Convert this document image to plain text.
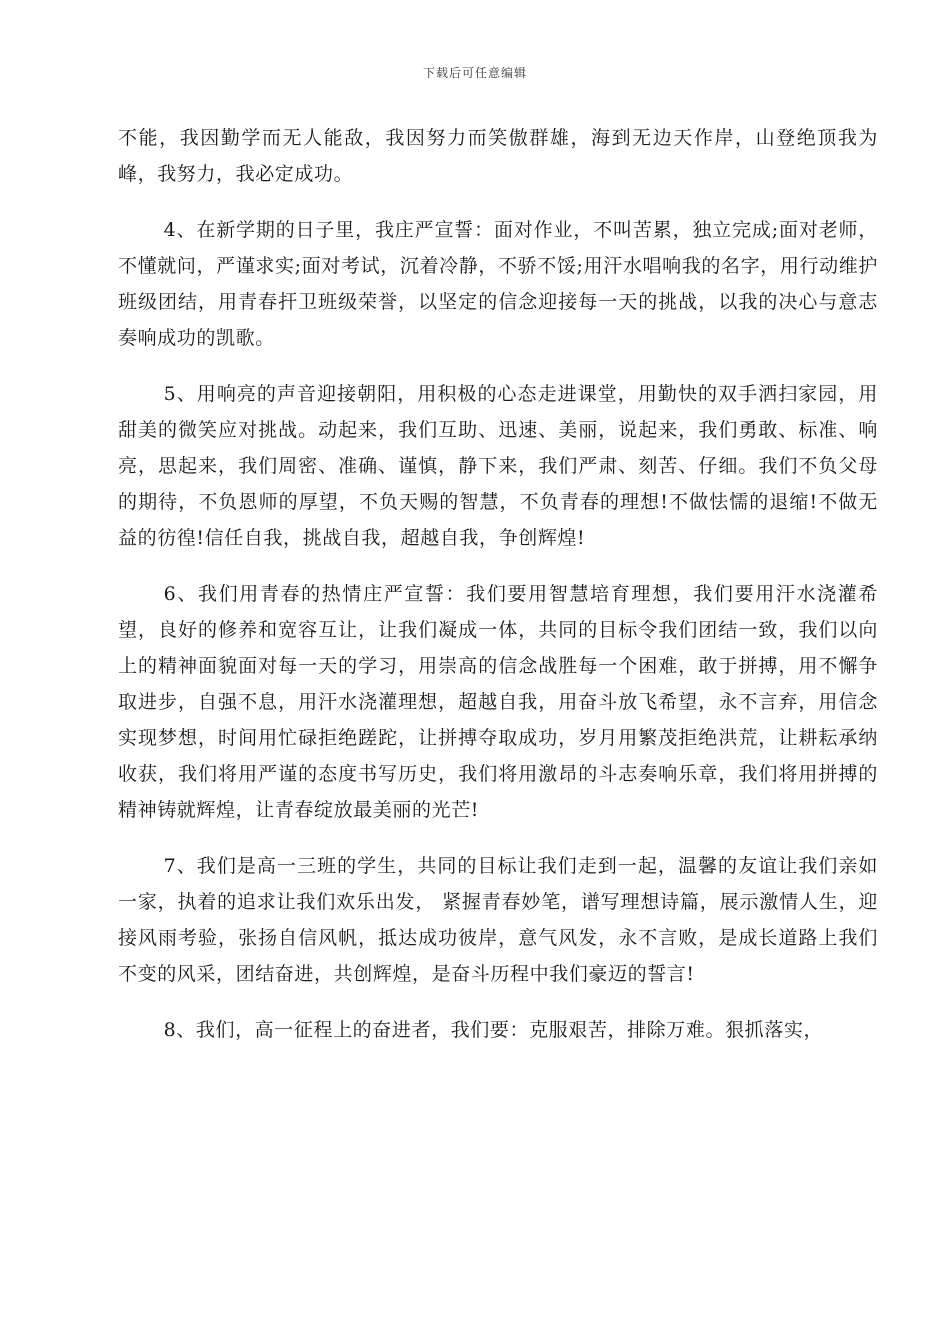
下载后可任意编辑

不能，我因勤学而无人能敌，我因努力而笑傲群雄，海到无边天作岸，山登绝顶我为峰，我努力，我必定成功。

4、在新学期的日子里，我庄严宣誓：面对作业，不叫苦累，独立完成;面对老师，不懂就问，严谨求实;面对考试，沉着冷静，不骄不馁;用汗水唱响我的名字，用行动维护班级团结，用青春扞卫班级荣誉，以坚定的信念迎接每一天的挑战，以我的决心与意志奏响成功的凯歌。

5、用响亮的声音迎接朝阳，用积极的心态走进课堂，用勤快的双手洒扫家园，用甜美的微笑应对挑战。动起来，我们互助、迅速、美丽，说起来，我们勇敢、标准、响亮，思起来，我们周密、准确、谨慎，静下来，我们严肃、刻苦、仔细。我们不负父母的期待，不负恩师的厚望，不负天赐的智慧，不负青春的理想!不做怯懦的退缩!不做无益的彷徨!信任自我，挑战自我，超越自我，争创辉煌!

6、我们用青春的热情庄严宣誓：我们要用智慧培育理想，我们要用汗水浇灌希望，良好的修养和宽容互让，让我们凝成一体，共同的目标令我们团结一致，我们以向上的精神面貌面对每一天的学习，用崇高的信念战胜每一个困难，敢于拼搏，用不懈争取进步，自强不息，用汗水浇灌理想，超越自我，用奋斗放飞希望，永不言弃，用信念实现梦想，时间用忙碌拒绝蹉跎，让拼搏夺取成功，岁月用繁茂拒绝洪荒，让耕耘承纳收获，我们将用严谨的态度书写历史，我们将用激昂的斗志奏响乐章，我们将用拼搏的精神铸就辉煌，让青春绽放最美丽的光芒!

7、我们是高一三班的学生，共同的目标让我们走到一起，温馨的友谊让我们亲如一家，执着的追求让我们欢乐出发， 紧握青春妙笔，谱写理想诗篇，展示激情人生，迎接风雨考验，张扬自信风帆，抵达成功彼岸，意气风发，永不言败，是成长道路上我们不变的风采，团结奋进，共创辉煌，是奋斗历程中我们豪迈的誓言!

8、我们，高一征程上的奋进者，我们要：克服艰苦，排除万难。狠抓落实，
